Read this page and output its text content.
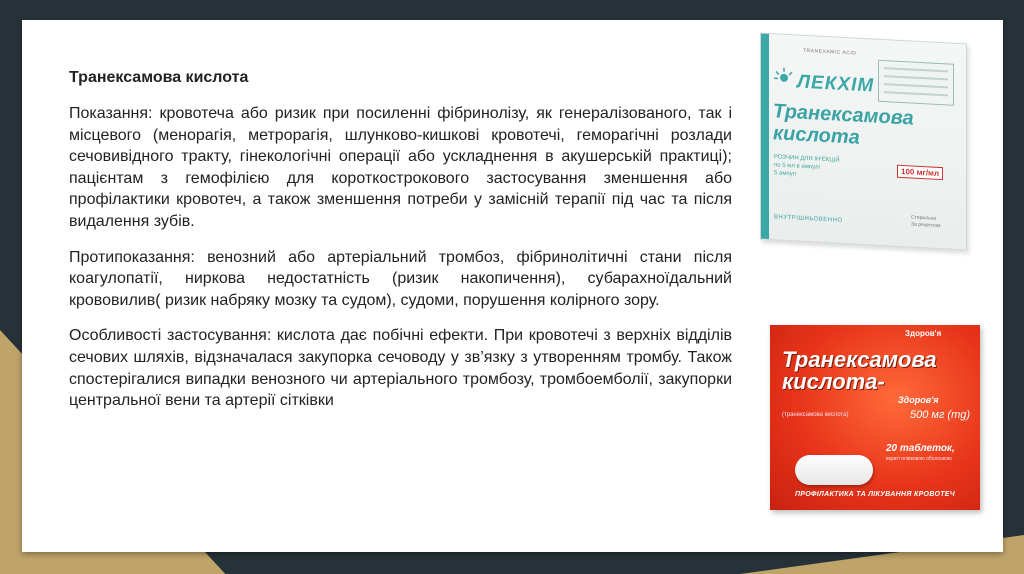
Транексамова кислота

Показання: кровотеча або ризик при посиленні фібринолізу, як генералізованого, так і місцевого (менорагія, метрорагія, шлунково-кишкові кровотечі, геморагічні розлади сечовивідного тракту, гінекологічні операції або ускладнення в акушерській практиці); пацієнтам з гемофілією для короткострокового застосування зменшення або профілактики кровотеч, а також зменшення потреби у замісній терапії під час та після видалення зубів.

Протипоказання: венозний або артеріальний тромбоз, фібринолітичні стани після коагулопатії, ниркова недостатність (ризик накопичення), субарахноїдальний крововилив( ризик набряку мозку та судом), судоми, порушення колірного зору.

Особливості застосування: кислота дає побічні ефекти. При кровотечі з верхніх відділів сечових шляхів, відзначалася закупорка сечоводу у зв’язку з утворенням тромбу. Також спостерігалися випадки венозного чи артеріального тромбозу, тромбоемболії, закупорки центральної вени та артерії сітківки

TRANEXAMIC ACID
ЛЕКХІМ
Транексамова кислота
РОЗЧИН ДЛЯ ІН'ЄКЦІЙ
по 5 мл в ампулі
5 ампул	100 мг/мл
ВНУТРІШНЬОВЕННО	Стерильно
За рецептом
Здоров'я
Транексамова кислота-
Здоров'я
(транексамова кислота)	500 мг (mg)
20 таблеток,
вкриті плівковою оболонкою
ПРОФІЛАКТИКА ТА ЛІКУВАННЯ КРОВОТЕЧ
